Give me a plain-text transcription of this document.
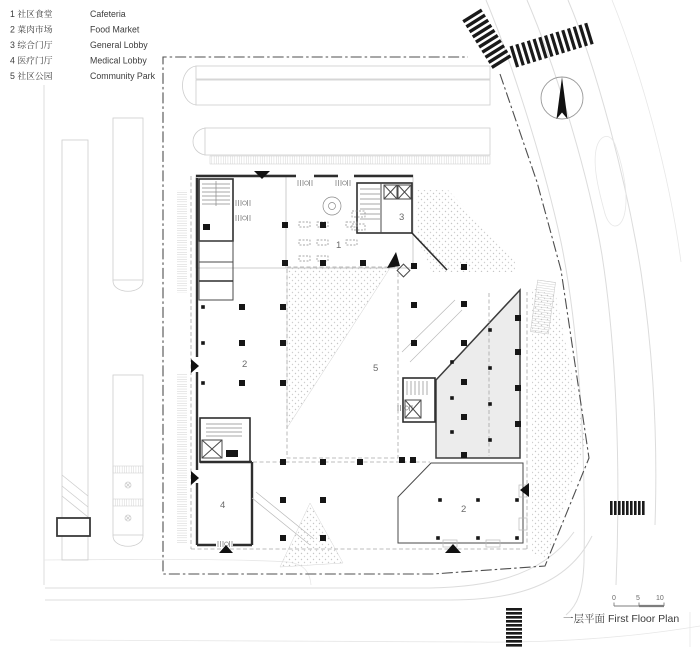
1
2
3
4
5
2
1 社区食堂	Cafeteria
2 菜肉市场	Food Market
3 综合门厅	General Lobby
4 医疗门厅	Medical Lobby
5 社区公园	Community Park
0	5 10
一层平面 First Floor Plan
